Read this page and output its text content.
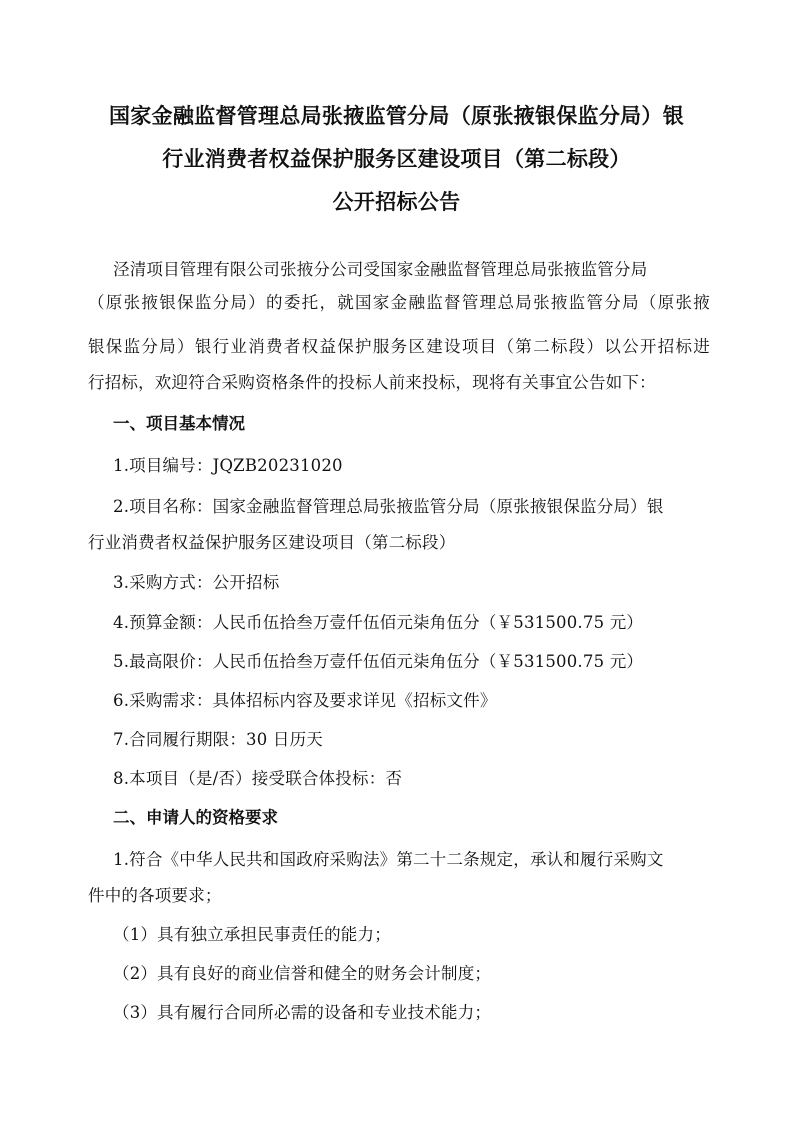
国家金融监督管理总局张掖监管分局（原张掖银保监分局）银
行业消费者权益保护服务区建设项目（第二标段）
公开招标公告
泾清项目管理有限公司张掖分公司受国家金融监督管理总局张掖监管分局
（原张掖银保监分局）的委托，就国家金融监督管理总局张掖监管分局（原张掖
银保监分局）银行业消费者权益保护服务区建设项目（第二标段）以公开招标进
行招标，欢迎符合采购资格条件的投标人前来投标，现将有关事宜公告如下：
一、项目基本情况
1.项目编号：JQZB20231020
2.项目名称：国家金融监督管理总局张掖监管分局（原张掖银保监分局）银
行业消费者权益保护服务区建设项目（第二标段）
3.采购方式：公开招标
4.预算金额：人民币伍拾叁万壹仟伍佰元柒角伍分（￥531500.75 元）
5.最高限价：人民币伍拾叁万壹仟伍佰元柒角伍分（￥531500.75 元）
6.采购需求：具体招标内容及要求详见《招标文件》
7.合同履行期限：30 日历天
8.本项目（是/否）接受联合体投标：否
二、申请人的资格要求
1.符合《中华人民共和国政府采购法》第二十二条规定，承认和履行采购文
件中的各项要求；
（1）具有独立承担民事责任的能力；
（2）具有良好的商业信誉和健全的财务会计制度；
（3）具有履行合同所必需的设备和专业技术能力；
